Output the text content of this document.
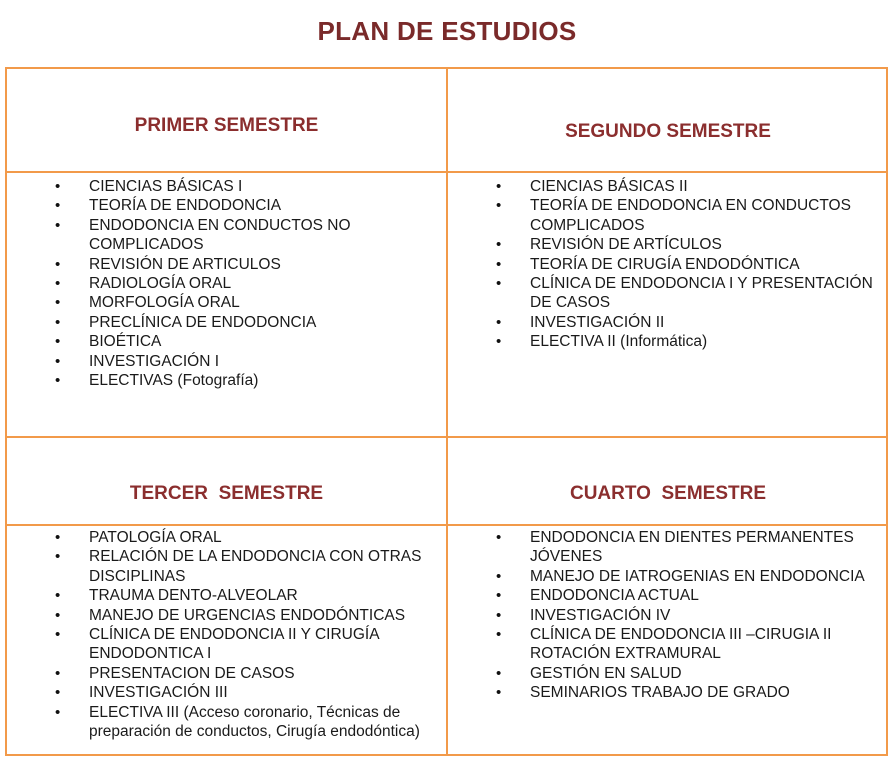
PLAN DE ESTUDIOS
PRIMER SEMESTRE
• CIENCIAS BÁSICAS I
• TEORÍA DE ENDODONCIA
• ENDODONCIA EN CONDUCTOS NO COMPLICADOS
• REVISIÓN DE ARTICULOS
• RADIOLOGÍA ORAL
• MORFOLOGÍA ORAL
• PRECLÍNICA DE ENDODONCIA
• BIOÉTICA
• INVESTIGACIÓN I
• ELECTIVAS (Fotografía)
SEGUNDO SEMESTRE
• CIENCIAS BÁSICAS II
• TEORÍA DE ENDODONCIA EN CONDUCTOS COMPLICADOS
• REVISIÓN DE ARTÍCULOS
• TEORÍA DE CIRUGÍA ENDODÓNTICA
• CLÍNICA DE ENDODONCIA I Y PRESENTACIÓN DE CASOS
• INVESTIGACIÓN II
• ELECTIVA II (Informática)
TERCER  SEMESTRE
• PATOLOGÍA ORAL
• RELACIÓN DE LA ENDODONCIA CON OTRAS DISCIPLINAS
• TRAUMA DENTO-ALVEOLAR
• MANEJO DE URGENCIAS ENDODÓNTICAS
• CLÍNICA DE ENDODONCIA II Y CIRUGÍA ENDODONTICA I
• PRESENTACION DE CASOS
• INVESTIGACIÓN III
• ELECTIVA III (Acceso coronario, Técnicas de preparación de conductos, Cirugía endodóntica)
CUARTO  SEMESTRE
• ENDODONCIA EN DIENTES PERMANENTES JÓVENES
• MANEJO DE IATROGENIAS EN ENDODONCIA
• ENDODONCIA ACTUAL
• INVESTIGACIÓN IV
• CLÍNICA DE ENDODONCIA III –CIRUGIA II ROTACIÓN EXTRAMURAL
• GESTIÓN EN SALUD
• SEMINARIOS TRABAJO DE GRADO
